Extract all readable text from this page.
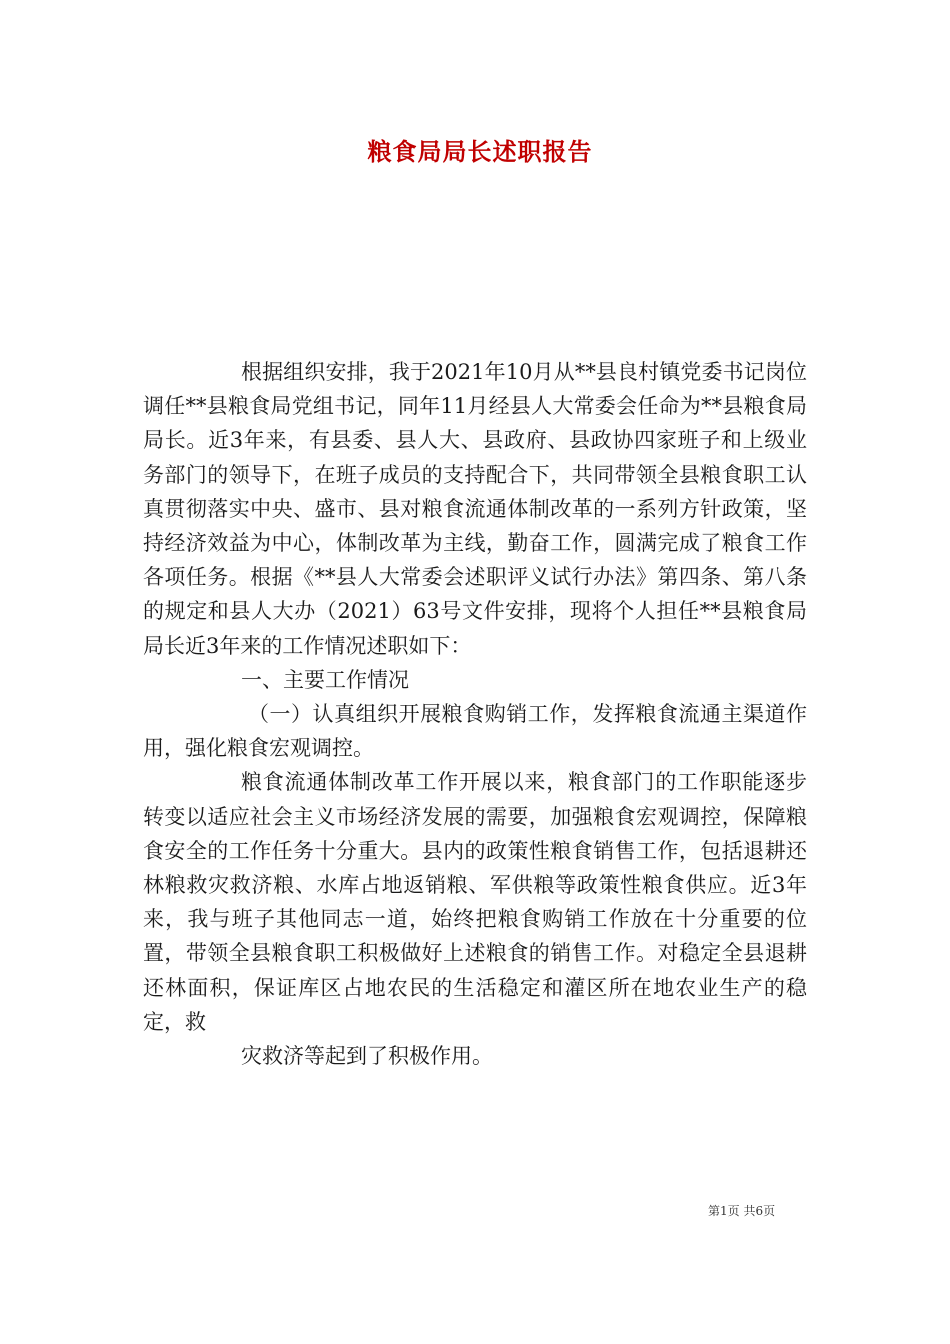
粮食局局长述职报告

根据组织安排，我于2021年10月从**县良村镇党委书记岗位调任**县粮食局党组书记，同年11月经县人大常委会任命为**县粮食局局长。近3年来，有县委、县人大、县政府、县政协四家班子和上级业务部门的领导下，在班子成员的支持配合下，共同带领全县粮食职工认真贯彻落实中央、盛市、县对粮食流通体制改革的一系列方针政策，坚持经济效益为中心，体制改革为主线，勤奋工作，圆满完成了粮食工作各项任务。根据《**县人大常委会述职评义试行办法》第四条、第八条的规定和县人大办（2021）63号文件安排，现将个人担任**县粮食局局长近3年来的工作情况述职如下：

一、主要工作情况

（一）认真组织开展粮食购销工作，发挥粮食流通主渠道作用，强化粮食宏观调控。

粮食流通体制改革工作开展以来，粮食部门的工作职能逐步转变以适应社会主义市场经济发展的需要，加强粮食宏观调控，保障粮食安全的工作任务十分重大。县内的政策性粮食销售工作，包括退耕还林粮救灾救济粮、水库占地返销粮、军供粮等政策性粮食供应。近3年来，我与班子其他同志一道，始终把粮食购销工作放在十分重要的位置，带领全县粮食职工积极做好上述粮食的销售工作。对稳定全县退耕还林面积，保证库区占地农民的生活稳定和灌区所在地农业生产的稳定，救

灾救济等起到了积极作用。

第1页 共6页
